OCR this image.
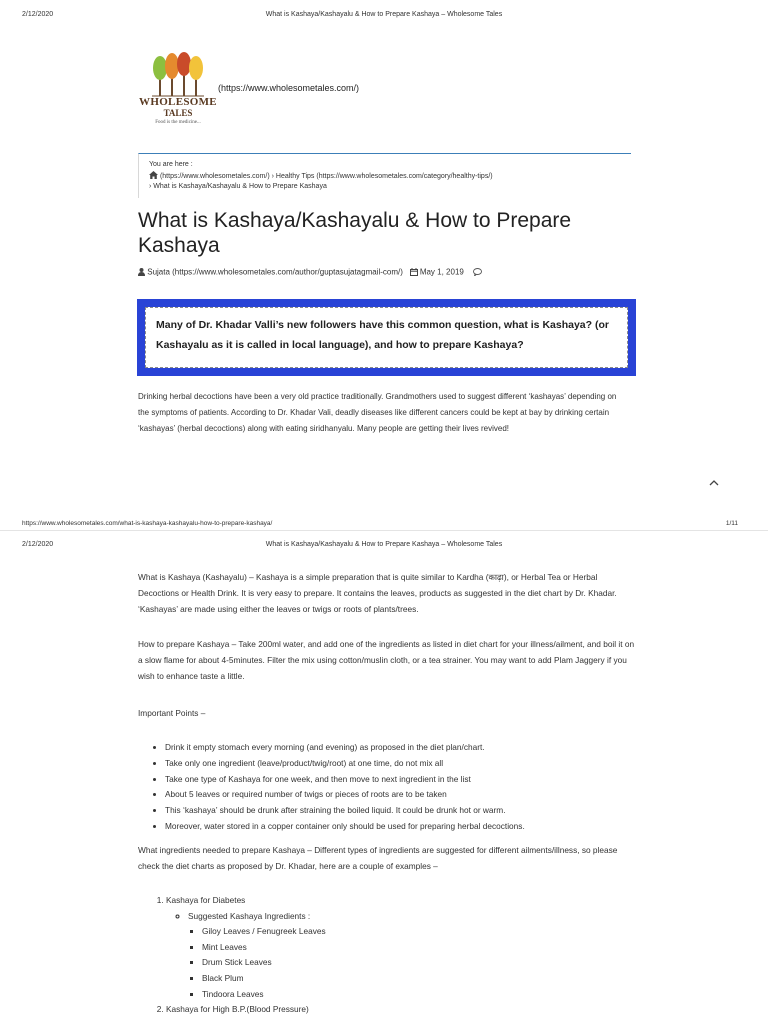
2/12/2020	What is Kashaya/Kashayalu & How to Prepare Kashaya – Wholesome Tales
WHOLESOME
TALES
Food is the medicine...
(https://www.wholesometales.com/)
You are here :
(https://www.wholesometales.com/) › Healthy Tips (https://www.wholesometales.com/category/healthy-tips/)
› What is Kashaya/Kashayalu & How to Prepare Kashaya
What is Kashaya/Kashayalu & How to Prepare Kashaya
Sujata (https://www.wholesometales.com/author/guptasujatagmail-com/) May 1, 2019
Many of Dr. Khadar Valli’s new followers have this common question, what is Kashaya? (or Kashayalu as it is called in local language), and how to prepare Kashaya?

Drinking herbal decoctions have been a very old practice traditionally. Grandmothers used to suggest different ‘kashayas’ depending on the symptoms of patients. According to Dr. Khadar Vali, deadly diseases like different cancers could be kept at bay by drinking certain ‘kashayas’ (herbal decoctions) along with eating siridhanyalu. Many people are getting their lives revived!

https://www.wholesometales.com/what-is-kashaya-kashayalu-how-to-prepare-kashaya/	1/11
2/12/2020	What is Kashaya/Kashayalu & How to Prepare Kashaya – Wholesome Tales

What is Kashaya (Kashayalu) – Kashaya is a simple preparation that is quite similar to Kardha (काढ़ा), or Herbal Tea or Herbal Decoctions or Health Drink. It is very easy to prepare. It contains the leaves, products as suggested in the diet chart by Dr. Khadar. ‘Kashayas’ are made using either the leaves or twigs or roots of plants/trees.

How to prepare Kashaya – Take 200ml water, and add one of the ingredients as listed in diet chart for your illness/ailment, and boil it on a slow flame for about 4-5minutes. Filter the mix using cotton/muslin cloth, or a tea strainer. You may want to add Plam Jaggery if you wish to enhance taste a little.

Important Points –

• Drink it empty stomach every morning (and evening) as proposed in the diet plan/chart.
• Take only one ingredient (leave/product/twig/root) at one time, do not mix all
• Take one type of Kashaya for one week, and then move to next ingredient in the list
• About 5 leaves or required number of twigs or pieces of roots are to be taken
• This ‘kashaya’ should be drunk after straining the boiled liquid. It could be drunk hot or warm.
• Moreover, water stored in a copper container only should be used for preparing herbal decoctions.

What ingredients needed to prepare Kashaya – Different types of ingredients are suggested for different ailments/illness, so please check the diet charts as proposed by Dr. Khadar, here are a couple of examples –

1. Kashaya for Diabetes
◦ Suggested Kashaya Ingredients :
▪ Giloy Leaves / Fenugreek Leaves
▪ Mint Leaves
▪ Drum Stick Leaves
▪ Black Plum
▪ Tindoora Leaves
2. Kashaya for High B.P.(Blood Pressure)
